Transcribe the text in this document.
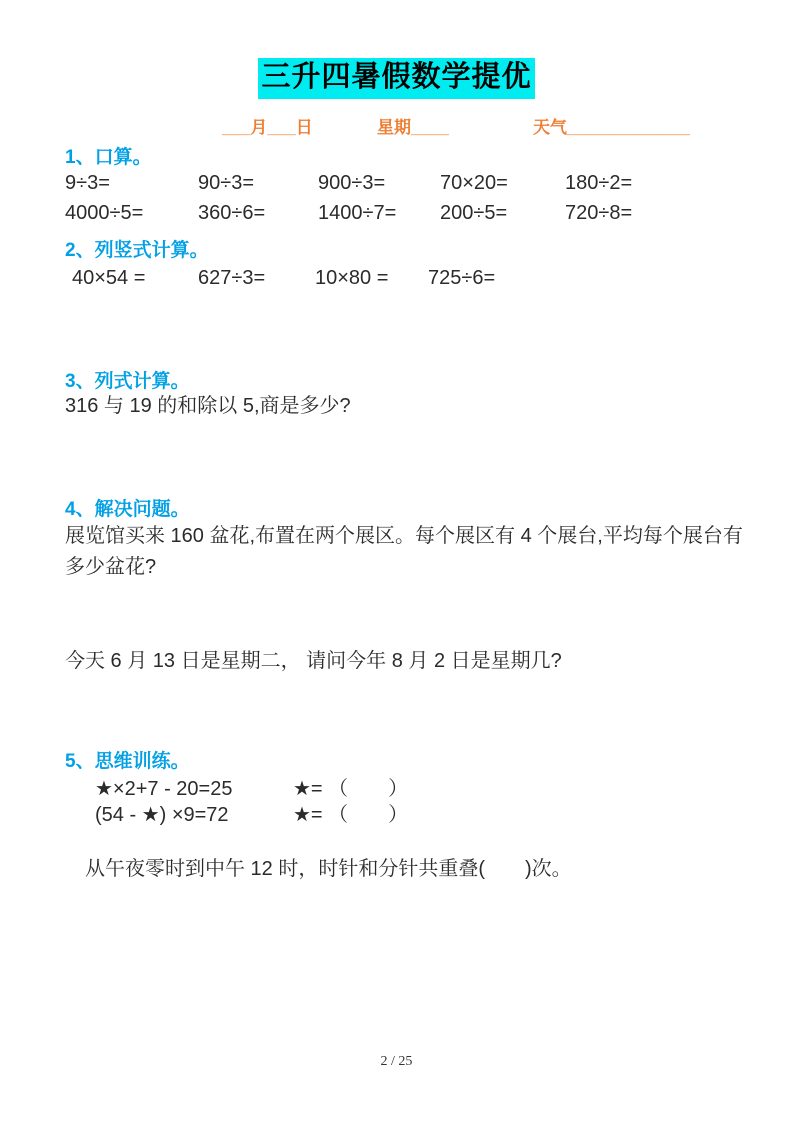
三升四暑假数学提优
___月___日	星期____	天气_____________
1、口算。
9÷3=	90÷3=	900÷3=	70×20=	180÷2=
4000÷5=	360÷6=	1400÷7=	200÷5=	720÷8=
2、列竖式计算。
40×54 =	627÷3=	10×80 =	725÷6=
3、列式计算。
316 与 19 的和除以 5,商是多少?
4、解决问题。
展览馆买来 160 盆花,布置在两个展区。每个展区有 4 个展台,平均每个展台有多少盆花?
今天 6 月 13 日是星期二， 请问今年 8 月 2 日是星期几?
5、思维训练。
★×2+7 - 20=25	★= （　　）
(54 - ★) ×9=72	★= （　　）
从午夜零时到中午 12 时，时针和分针共重叠(　　)次。
2 / 25
